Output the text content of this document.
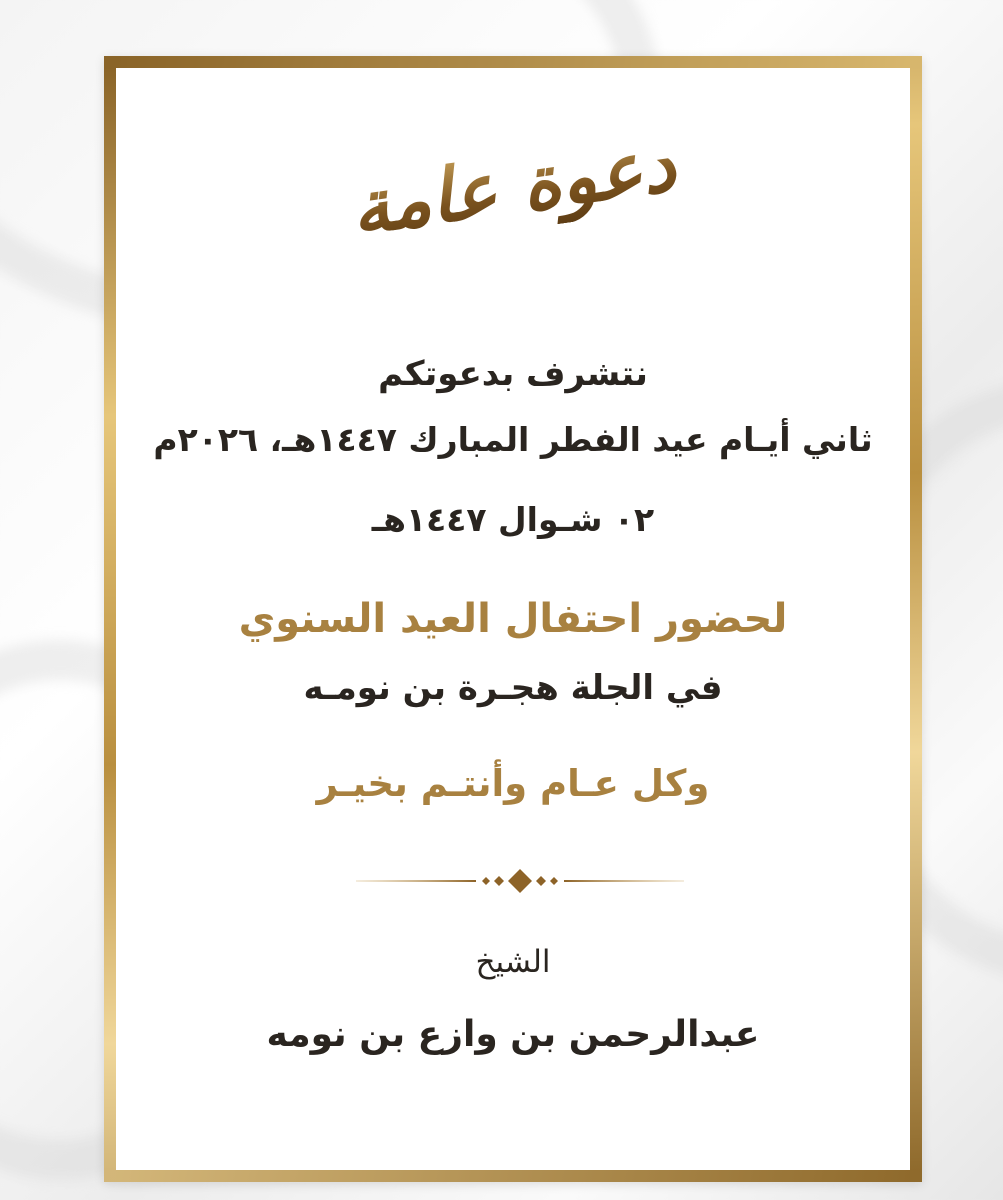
دعوة عامة
نتشرف بدعوتكم
ثاني أيـام عيد الفطر المبارك ١٤٤٧هـ، ٢٠٢٦م
٠٢ شـوال ١٤٤٧هـ
لحضور احتفال العيد السنوي
في الجلة هجـرة بن نومـه
وكل عـام وأنتـم بخيـر
الشيخ
عبدالرحمن بن وازع بن نومه
